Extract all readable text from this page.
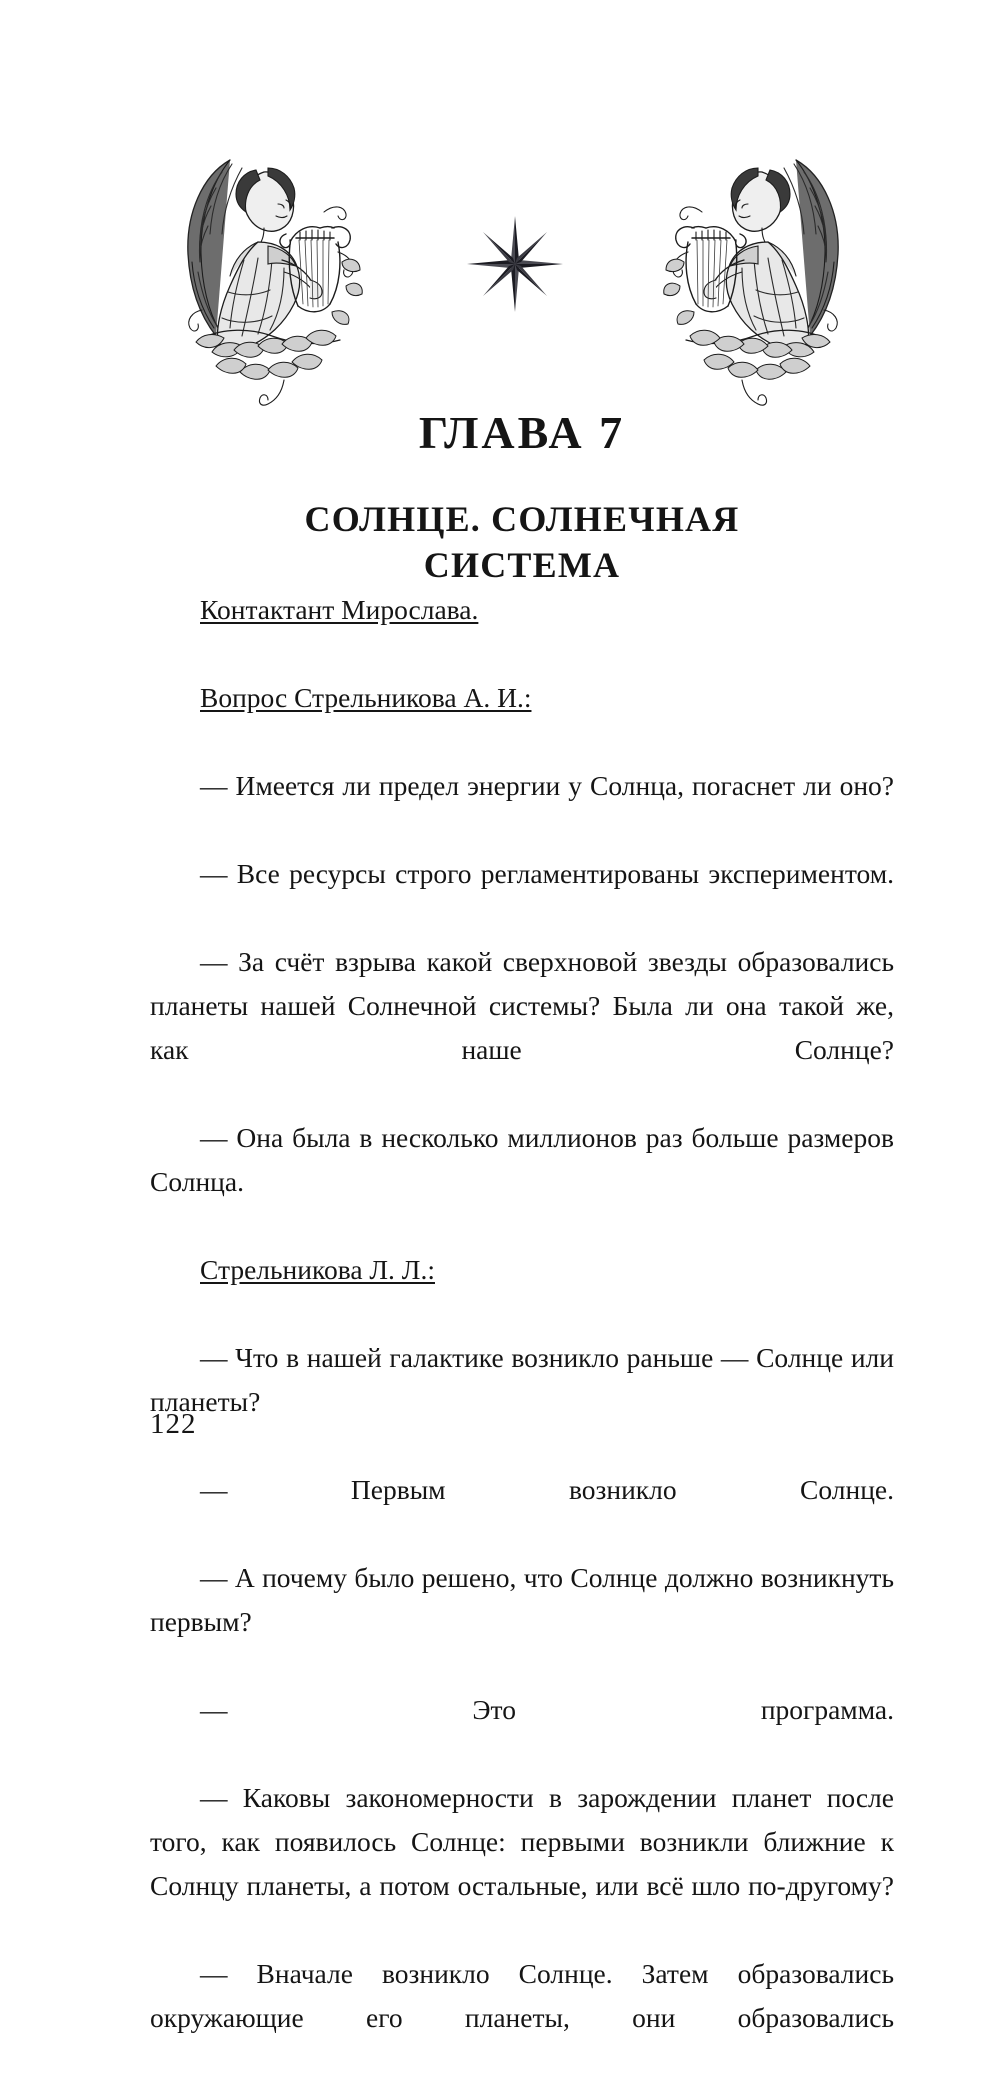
ГЛАВА 7
СОЛНЦЕ. СОЛНЕЧНАЯ
СИСТЕМА

Контактант Мирослава.

Вопрос Стрельникова А. И.:

— Имеется ли предел энергии у Солнца, погаснет ли оно?

— Все ресурсы строго регламентированы экспериментом.

— За счёт взрыва какой сверхновой звезды образовались планеты нашей Солнечной системы? Была ли она такой же, как наше Солнце?

— Она была в несколько миллионов раз больше размеров Солнца.

Стрельникова Л. Л.:

— Что в нашей галактике возникло раньше — Солнце или планеты?

— Первым возникло Солнце.

— А почему было решено, что Солнце должно возникнуть первым?

— Это программа.

— Каковы закономерности в зарождении планет после того, как появилось Солнце: первыми возникли ближние к Солнцу планеты, а потом остальные, или всё шло по-другому?

— Вначале возникло Солнце. Затем образовались окружающие его планеты, они образовались

122
